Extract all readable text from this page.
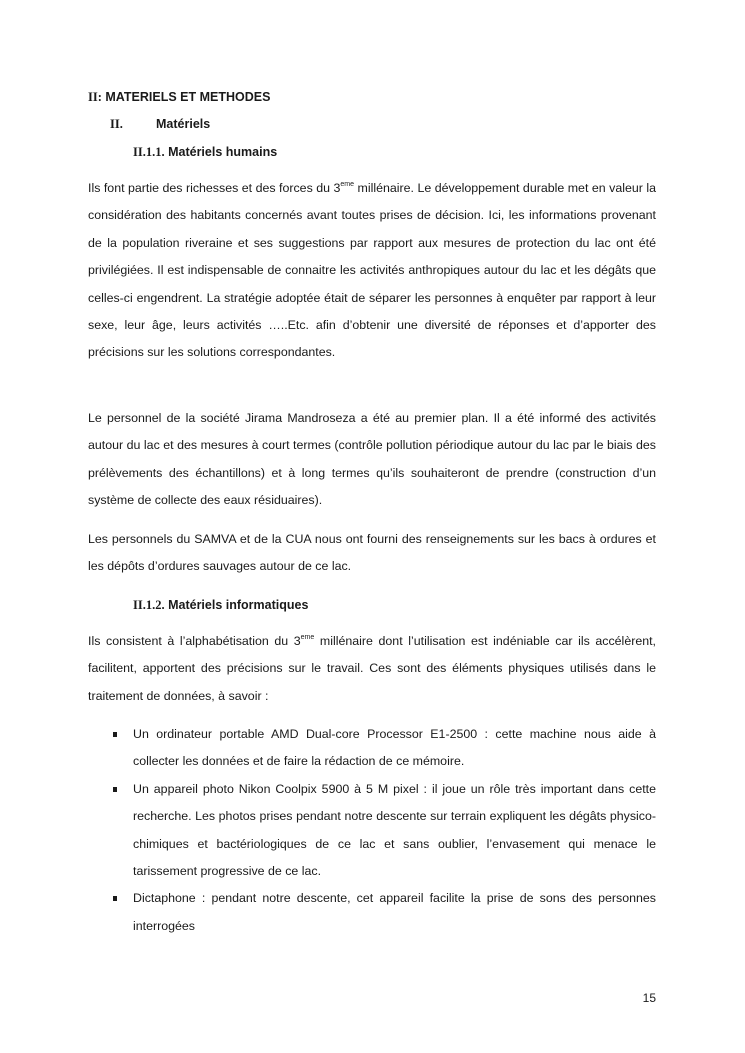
II: MATERIELS ET METHODES
II.	Matériels
II.1.1. Matériels humains

Ils font partie des richesses et des forces du 3eme millénaire. Le développement durable met en valeur la considération des habitants concernés avant toutes prises de décision. Ici, les informations provenant de la population riveraine et ses suggestions par rapport aux mesures de protection du lac ont été privilégiées. Il est indispensable de connaitre les activités anthropiques autour du lac et les dégâts que celles-ci engendrent. La stratégie adoptée était de séparer les personnes à enquêter par rapport à leur sexe, leur âge, leurs activités …..Etc. afin d’obtenir une diversité de réponses et d’apporter des précisions sur les solutions correspondantes.

Le personnel de la société Jirama Mandroseza a été au premier plan. Il a été informé des activités autour du lac et des mesures à court termes (contrôle pollution périodique autour du lac par le biais des prélèvements des échantillons) et à long termes qu’ils souhaiteront de prendre (construction d’un système de collecte des eaux résiduaires).

Les personnels du SAMVA et de la CUA nous ont fourni des renseignements sur les bacs à ordures et les dépôts d’ordures sauvages autour de ce lac.

II.1.2. Matériels informatiques

Ils consistent à l’alphabétisation du 3eme millénaire dont l’utilisation est indéniable car ils accélèrent, facilitent, apportent des précisions sur le travail. Ces sont des éléments physiques utilisés dans le traitement de données, à savoir :

Un ordinateur portable AMD Dual-core Processor E1-2500 : cette machine nous aide à collecter les données et de faire la rédaction de ce mémoire.
Un appareil photo Nikon Coolpix 5900 à 5 M pixel : il joue un rôle très important dans cette recherche. Les photos prises pendant notre descente sur terrain expliquent les dégâts physico-chimiques et bactériologiques de ce lac et sans oublier, l’envasement qui menace le tarissement progressive de ce lac.
Dictaphone : pendant notre descente, cet appareil facilite la prise de sons des personnes interrogées
15
